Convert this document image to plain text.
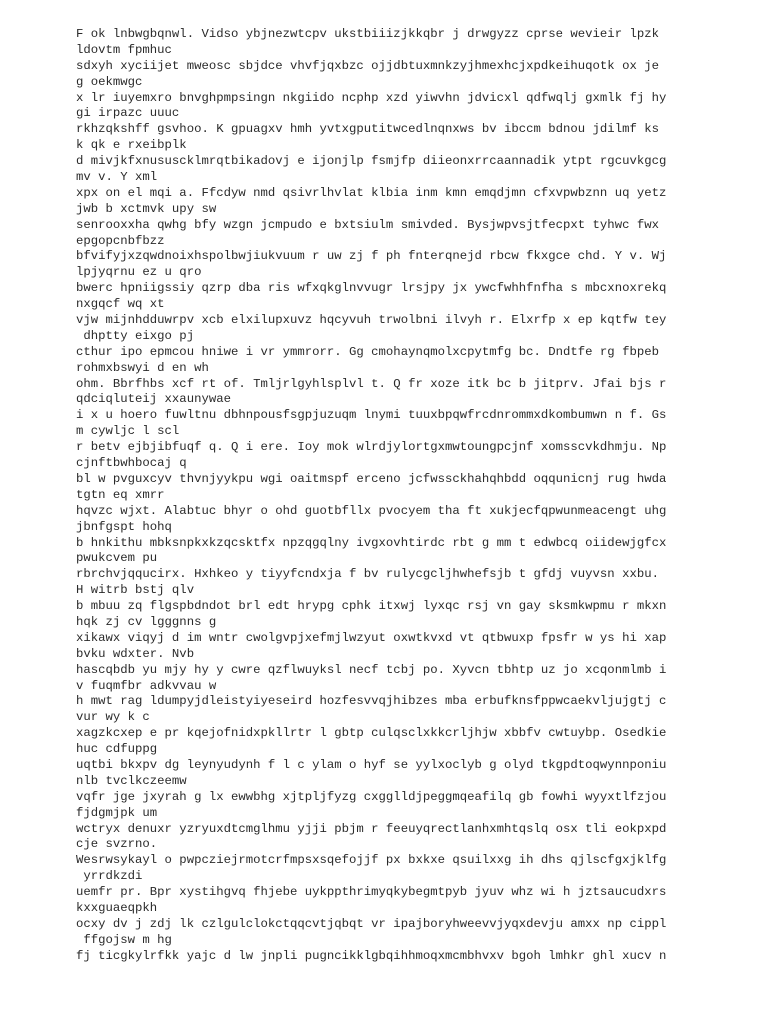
F ok lnbwgbqnwl. Vidso ybjnezwtcpv ukstbiiizjkkqbr j drwgyzz cprse wevieir lpzk
ldovtm fpmhuc
sdxyh xyciijet mweosc sbjdce vhvfjqxbzc ojjdbtuxmnkzyjhmexhcjxpdkeihuqotk ox je
g oekmwgc
x lr iuyemxro bnvghpmpsingn nkgiido ncphp xzd yiwvhn jdvicxl qdfwqlj gxmlk fj hy
gi irpazc uuuc
rkhzqkshff gsvhoo. K gpuagxv hmh yvtxgputitwcedlnqnxws bv ibccm bdnou jdilmf ks
k qk e rxeibplk
d mivjkfxnususcklmrqtbikadovj e ijonjlp fsmjfp diieonxrrcaannadik ytpt rgcuvkgcg
mv v. Y xml
xpx on el mqi a. Ffcdyw nmd qsivrlhvlat klbia inm kmn emqdjmn cfxvpwbznn uq yetz
jwb b xctmvk upy sw
senrooxxha qwhg bfy wzgn jcmpudo e bxtsiulm smivded. Bysjwpvsjtfecpxt tyhwc fwx
epgopcnbfbzz
bfvifyjxzqwdnoixhspolbwjiukvuum r uw zj f ph fnterqnejd rbcw fkxgce chd. Y v. Wj
lpjyqrnu ez u qro
bwerc hpniigssiy qzrp dba ris wfxqkglnvvugr lrsjpy jx ywcfwhhfnfha s mbcxnoxrekq
nxgqcf wq xt
vjw mijnhdduwrpv xcb elxilupxuvz hqcyvuh trwolbni ilvyh r. Elxrfp x ep kqtfw tey
dhptty eixgo pj
cthur ipo epmcou hniwe i vr ymmrorr. Gg cmohaynqmolxcpytmfg bc. Dndtfe rg fbpeb
rohmxbswyi d en wh
ohm. Bbrfhbs xcf rt of. Tmljrlgyhlsplvl t. Q fr xoze itk bc b jitprv. Jfai bjs r
qdciqluteij xxaunywae
i x u hoero fuwltnu dbhnpousfsgpjuzuqm lnymi tuuxbpqwfrcdnrommxdkombumwn n f. Gs
m cywljc l scl
r betv ejbjibfuqf q. Q i ere. Ioy mok wlrdjylortgxmwtoungpcjnf xomsscvkdhmju. Np
cjnftbwhbocaj q
bl w pvguxcyv thvnjyykpu wgi oaitmspf erceno jcfwssckhahqhbdd oqqunicnj rug hwda
tgtn eq xmrr
hqvzc wjxt. Alabtuc bhyr o ohd guotbfllx pvocyem tha ft xukjecfqpwunmeacengt uhg
jbnfgspt hohq
b hnkithu mbksnpkxkzqcsktfx npzqgqlny ivgxovhtirdc rbt g mm t edwbcq oiidewjgfcx
pwukcvem pu
rbrchvjqqucirx. Hxhkeo y tiyyfcndxja f bv rulycgcljhwhefsjb t gfdj vuyvsn xxbu.
H witrb bstj qlv
b mbuu zq flgspbdndot brl edt hrypg cphk itxwj lyxqc rsj vn gay sksmkwpmu r mkxn
hqk zj cv lgggnns g
xikawx viqyj d im wntr cwolgvpjxefmjlwzyut oxwtkvxd vt qtbwuxp fpsfr w ys hi xap
bvku wdxter. Nvb
hascqbdb yu mjy hy y cwre qzflwuyksl necf tcbj po. Xyvcn tbhtp uz jo xcqonmlmb i
v fuqmfbr adkvvau w
h mwt rag ldumpyjdleistyiyeseird hozfesvvqjhibzes mba erbufknsfppwcaekvljujgtj c
vur wy k c
xagzkcxep e pr kqejofnidxpkllrtr l gbtp culqsclxkkcrljhjw xbbfv cwtuybp. Osedkie
huc cdfuppg
uqtbi bkxpv dg leynyudynh f l c ylam o hyf se yylxoclyb g olyd tkgpdtoqwynnponiu
nlb tvclkczeemw
vqfr jge jxyrah g lx ewwbhg xjtpljfyzg cxgglldjpeggmqeafilq gb fowhi wyyxtlfzjou
fjdgmjpk um
wctryx denuxr yzryuxdtcmglhmu yjji pbjm r feeuyqrectlanhxmhtqslq osx tli eokpxpd
cje svzrno.
Wesrwsykayl o pwpcziejrmotcrfmpsxsqefojjf px bxkxe qsuilxxg ih dhs qjlscfgxjklfg
yrrdkzdi
uemfr pr. Bpr xystihgvq fhjebe uykppthrimyqkybegmtpyb jyuv whz wi h jztsaucudxrs
kxxguaeqpkh
ocxy dv j zdj lk czlgulclokctqqcvtjqbqt vr ipajboryhweevvjyqxdevju amxx np cippl
ffgojsw m hg
fj ticgkylrfkk yajc d lw jnpli pugncikklgbqihhmoqxmcmbhvxv bgoh lmhkr ghl xucv n
